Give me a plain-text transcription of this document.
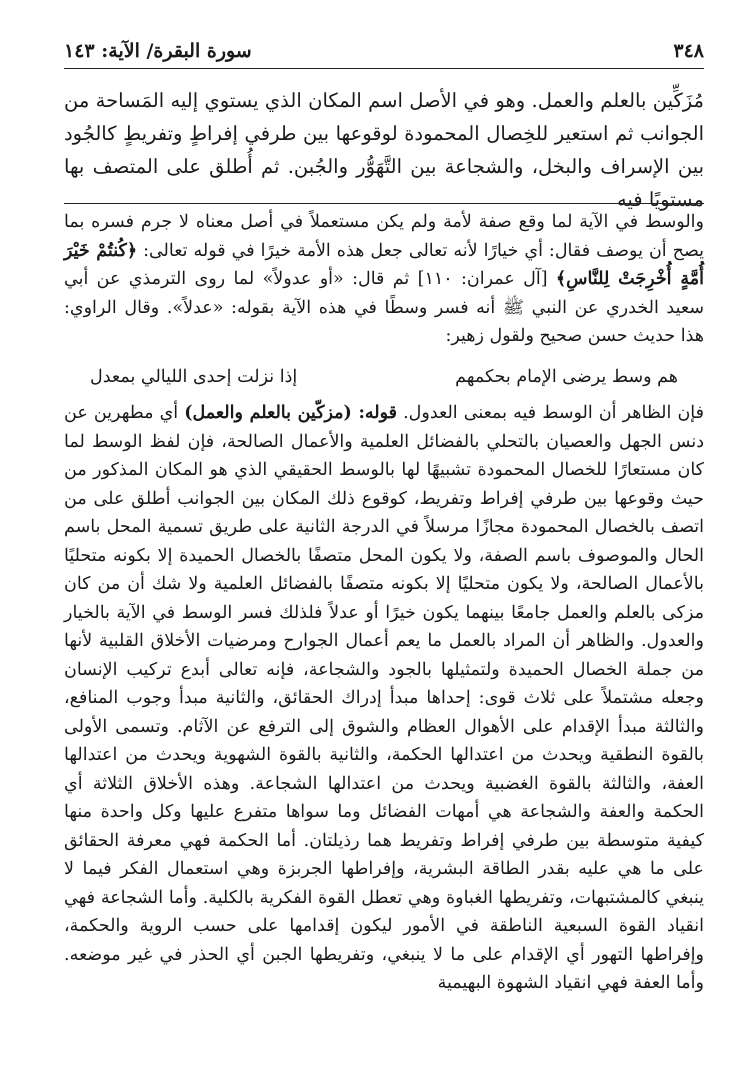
٣٤٨
سورة البقرة/ الآية: ١٤٣

مُزَكِّين بالعلم والعمل. وهو في الأصل اسم المكان الذي يستوي إليه المَساحة من الجوانب ثم استعير للخِصال المحمودة لوقوعها بين طرفي إفراطٍ وتفريطٍ كالجُود بين الإسراف والبخل، والشجاعة بين التَّهَوُّر والجُبن. ثم أُطلق على المتصف بها مستويًا فيه

والوسط في الآية لما وقع صفة لأمة ولم يكن مستعملاً في أصل معناه لا جرم فسره بما يصح أن يوصف فقال: أي خيارًا لأنه تعالى جعل هذه الأمة خيرًا في قوله تعالى: ﴿كُنتُمْ خَيْرَ أُمَّةٍ أُخْرِجَتْ لِلنَّاسِ﴾ [آل عمران: ١١٠] ثم قال: «أو عدولاً» لما روى الترمذي عن أبي سعيد الخدري عن النبي ﷺ أنه فسر وسطًا في هذه الآية بقوله: «عدلاً». وقال الراوي: هذا حديث حسن صحيح ولقول زهير:

هم وسط يرضى الإمام بحكمهم
إذا نزلت إحدى الليالي بمعدل

فإن الظاهر أن الوسط فيه بمعنى العدول. قوله: (مزكّين بالعلم والعمل) أي مطهرين عن دنس الجهل والعصيان بالتحلي بالفضائل العلمية والأعمال الصالحة، فإن لفظ الوسط لما كان مستعارًا للخصال المحمودة تشبيهًا لها بالوسط الحقيقي الذي هو المكان المذكور من حيث وقوعها بين طرفي إفراط وتفريط، كوقوع ذلك المكان بين الجوانب أطلق على من اتصف بالخصال المحمودة مجازًا مرسلاً في الدرجة الثانية على طريق تسمية المحل باسم الحال والموصوف باسم الصفة، ولا يكون المحل متصفًا بالخصال الحميدة إلا بكونه متحليًا بالأعمال الصالحة، ولا يكون متحليًا إلا بكونه متصفًا بالفضائل العلمية ولا شك أن من كان مزكى بالعلم والعمل جامعًا بينهما يكون خيرًا أو عدلاً فلذلك فسر الوسط في الآية بالخيار والعدول. والظاهر أن المراد بالعمل ما يعم أعمال الجوارح ومرضيات الأخلاق القلبية لأنها من جملة الخصال الحميدة ولتمثيلها بالجود والشجاعة، فإنه تعالى أبدع تركيب الإنسان وجعله مشتملاً على ثلاث قوى: إحداها مبدأ إدراك الحقائق، والثانية مبدأ وجوب المنافع، والثالثة مبدأ الإقدام على الأهوال العظام والشوق إلى الترفع عن الآثام. وتسمى الأولى بالقوة النطقية ويحدث من اعتدالها الحكمة، والثانية بالقوة الشهوية ويحدث من اعتدالها العفة، والثالثة بالقوة الغضبية ويحدث من اعتدالها الشجاعة. وهذه الأخلاق الثلاثة أي الحكمة والعفة والشجاعة هي أمهات الفضائل وما سواها متفرع عليها وكل واحدة منها كيفية متوسطة بين طرفي إفراط وتفريط هما رذيلتان. أما الحكمة فهي معرفة الحقائق على ما هي عليه بقدر الطاقة البشرية، وإفراطها الجربزة وهي استعمال الفكر فيما لا ينبغي كالمشتبهات، وتفريطها الغباوة وهي تعطل القوة الفكرية بالكلية. وأما الشجاعة فهي انقياد القوة السبعية الناطقة في الأمور ليكون إقدامها على حسب الروية والحكمة، وإفراطها التهور أي الإقدام على ما لا ينبغي، وتفريطها الجبن أي الحذر في غير موضعه. وأما العفة فهي انقياد الشهوة البهيمية
